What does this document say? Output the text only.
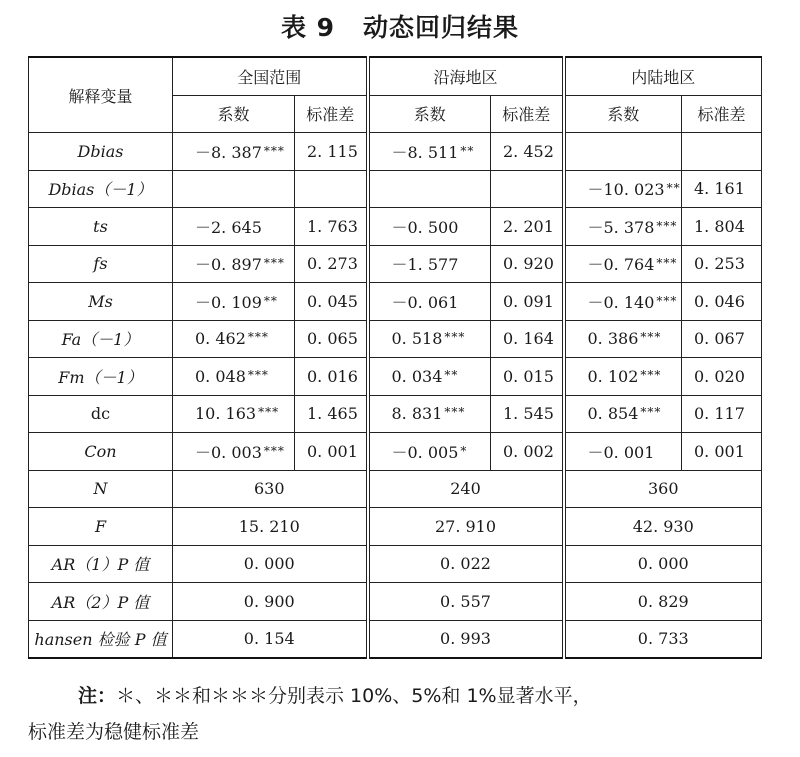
表 9 动态回归结果
解释变量	全国范围		沿海地区		内陆地区	
	系数	标准差	系数	标准差	系数	标准差
Dbias	－8. 387 ***	2. 115	－8. 511 **	2. 452		
Dbias（－1）					－10. 023 **	4. 161
ts	－2. 645	1. 763	－0. 500	2. 201	－5. 378 ***	1. 804
fs	－0. 897 ***	0. 273	－1. 577	0. 920	－0. 764 ***	0. 253
Ms	－0. 109 **	0. 045	－0. 061	0. 091	－0. 140 ***	0. 046
Fa（－1）	0. 462 ***	0. 065	0. 518 ***	0. 164	0. 386 ***	0. 067
Fm（－1）	0. 048 ***	0. 016	0. 034 **	0. 015	0. 102 ***	0. 020
dc	10. 163 ***	1. 465	8. 831 ***	1. 545	0. 854 ***	0. 117
Con	－0. 003 ***	0. 001	－0. 005 *	0. 002	－0. 001	0. 001
N	630		240		360	
F	15. 210		27. 910		42. 930	
AR（1）P 值	0. 000		0. 022		0. 000	
AR（2）P 值	0. 900		0. 557		0. 829	
hansen 检验 P 值	0. 154		0. 993		0. 733	
注：＊、＊＊和＊＊＊分别表示 10%、5%和 1%显著水平，
标准差为稳健标准差
